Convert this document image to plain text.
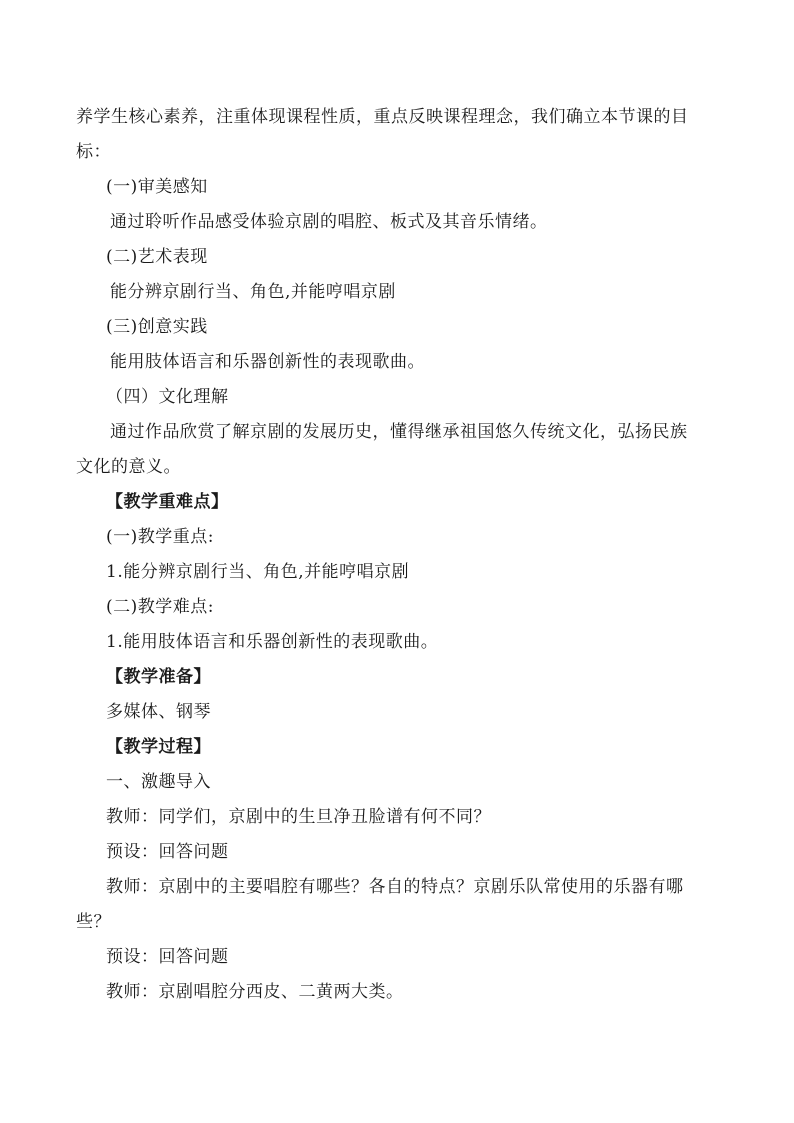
养学生核心素养，注重体现课程性质，重点反映课程理念，我们确立本节课的目
标：
(一)审美感知
通过聆听作品感受体验京剧的唱腔、板式及其音乐情绪。
(二)艺术表现
能分辨京剧行当、角色,并能哼唱京剧
(三)创意实践
能用肢体语言和乐器创新性的表现歌曲。
（四）文化理解
通过作品欣赏了解京剧的发展历史，懂得继承祖国悠久传统文化，弘扬民族
文化的意义。
【教学重难点】
(一)教学重点:
1.能分辨京剧行当、角色,并能哼唱京剧
(二)教学难点:
1.能用肢体语言和乐器创新性的表现歌曲。
【教学准备】
多媒体、钢琴
【教学过程】
一、激趣导入
教师：同学们，京剧中的生旦净丑脸谱有何不同？
预设：回答问题
教师：京剧中的主要唱腔有哪些？各自的特点？京剧乐队常使用的乐器有哪
些？
预设：回答问题
教师：京剧唱腔分西皮、二黄两大类。
